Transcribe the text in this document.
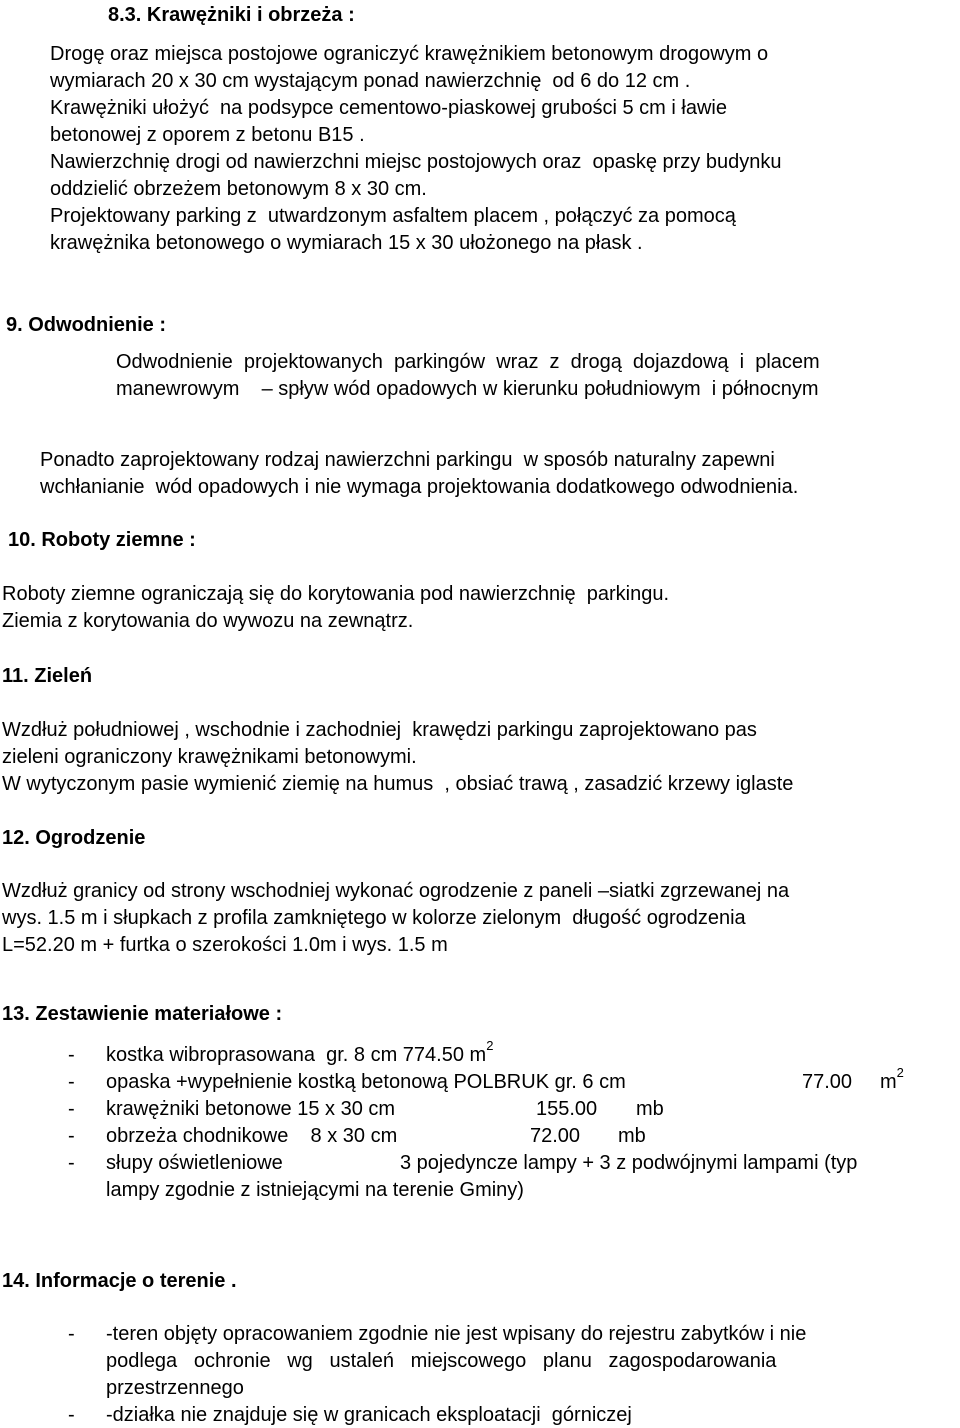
8.3. Krawężniki i obrzeża :
Drogę oraz miejsca postojowe ograniczyć krawężnikiem betonowym drogowym o
wymiarach 20 x 30 cm wystającym ponad nawierzchnię  od 6 do 12 cm .
Krawężniki ułożyć  na podsypce cementowo-piaskowej grubości 5 cm i ławie
betonowej z oporem z betonu B15 .
Nawierzchnię drogi od nawierzchni miejsc postojowych oraz  opaskę przy budynku
oddzielić obrzeżem betonowym 8 x 30 cm.
Projektowany parking z  utwardzonym asfaltem placem , połączyć za pomocą
krawężnika betonowego o wymiarach 15 x 30 ułożonego na płask .
9. Odwodnienie :
Odwodnienie  projektowanych  parkingów  wraz  z  drogą  dojazdową  i  placem
manewrowym    – spływ wód opadowych w kierunku południowym  i północnym
Ponadto zaprojektowany rodzaj nawierzchni parkingu  w sposób naturalny zapewni
wchłanianie  wód opadowych i nie wymaga projektowania dodatkowego odwodnienia.
10. Roboty ziemne :
Roboty ziemne ograniczają się do korytowania pod nawierzchnię  parkingu.
Ziemia z korytowania do wywozu na zewnątrz.
11. Zieleń
Wzdłuż południowej , wschodnie i zachodniej  krawędzi parkingu zaprojektowano pas
zieleni ograniczony krawężnikami betonowymi.
W wytyczonym pasie wymienić ziemię na humus  , obsiać trawą , zasadzić krzewy iglaste
12. Ogrodzenie
Wzdłuż granicy od strony wschodniej wykonać ogrodzenie z paneli –siatki zgrzewanej na
wys. 1.5 m i słupkach z profila zamkniętego w kolorze zielonym  długość ogrodzenia
L=52.20 m + furtka o szerokości 1.0m i wys. 1.5 m
13. Zestawienie materiałowe :
- kostka wibroprasowana  gr. 8 cm 774.50 $m^2$
- opaska +wypełnienie kostką betonową POLBRUK gr. 6 cm	77.00 $m^2$
- krawężniki betonowe 15 x 30 cm	155.00 mb
- obrzeża chodnikowe    8 x 30 cm	72.00 mb
- słupy oświetleniowe	3 pojedyncze lampy + 3 z podwójnymi lampami (typ
lampy zgodnie z istniejącymi na terenie Gminy)
14. Informacje o terenie .
- -teren objęty opracowaniem zgodnie nie jest wpisany do rejestru zabytków i nie
podlega   ochronie   wg   ustaleń   miejscowego   planu   zagospodarowania
przestrzennego
- -działka nie znajduje się w granicach eksploatacji  górniczej
